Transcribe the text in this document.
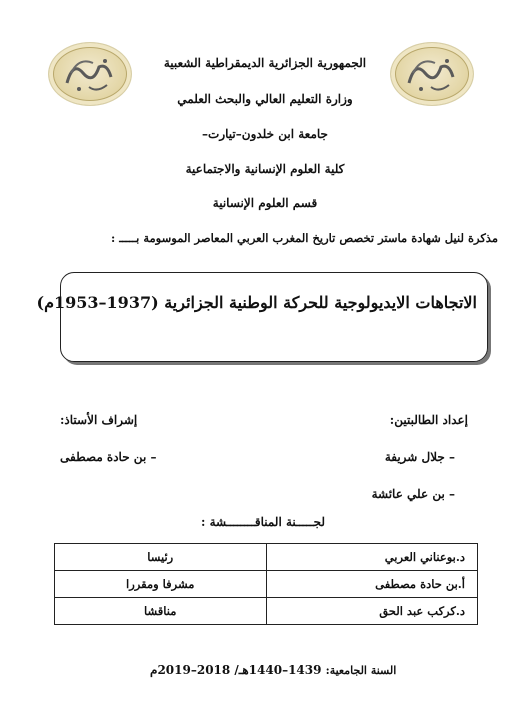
الجمهورية الجزائرية الديمقراطية الشعبية
وزارة التعليم العالي والبحث العلمي
جامعة ابن خلدون–تيارت–
كلية العلوم الإنسانية والاجتماعية
قسم العلوم الإنسانية
مذكرة لنيل شهادة ماستر تخصص تاريخ المغرب العربي المعاصر الموسومة بـــــ :
الاتجاهات الايديولوجية للحركة الوطنية الجزائرية (1937–1953م)
إعداد الطالبتين:
إشراف الأستاذ:
– جلال شريفة
– بن علي عائشة
– بن حادة مصطفى
لجـــــنة المناقــــــــشة :
د.بوعناني العربي	رئيسا
أ.بن حادة مصطفى	مشرفا ومقررا
د.كركب عبد الحق	مناقشا
السنة الجامعية: 1439–1440هـ/ 2018–2019م
